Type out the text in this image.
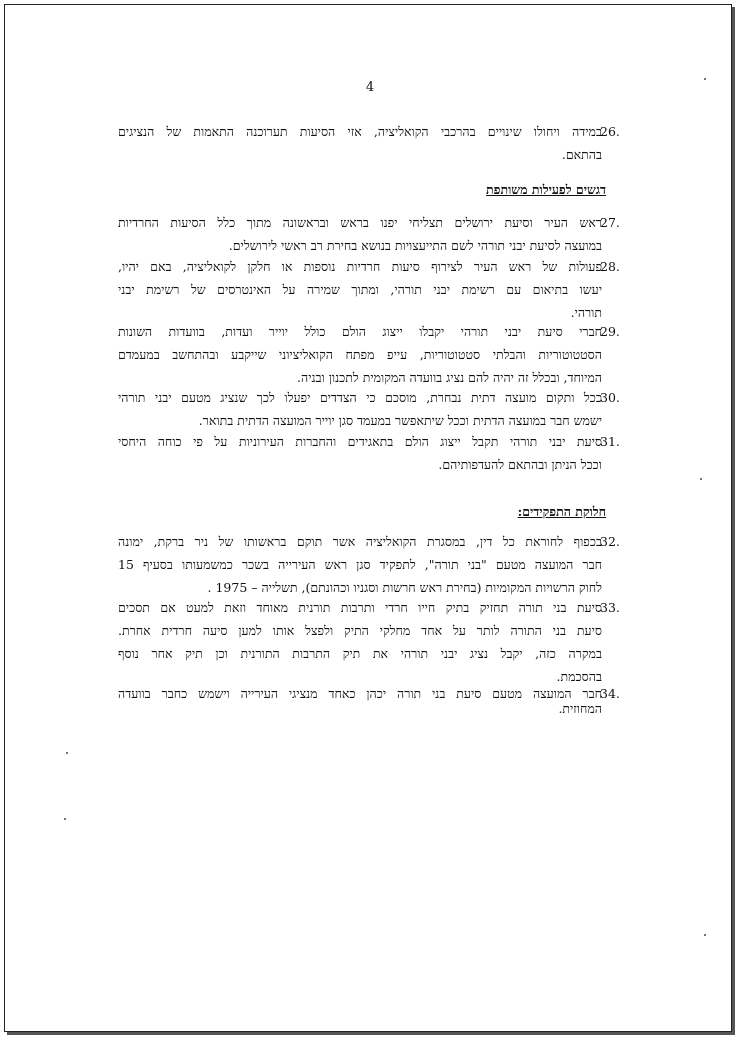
4
26.
במידה ויחולו שינויים בהרכבי הקואליציה, אזי הסיעות תערוכנה התאמות של הנציגים
בהתאם.
דגשים לפעילות משותפת
27.
ראש העיר וסיעת ירושלים תצליחי יפנו בראש ובראשונה מתוך כלל הסיעות החרדיות
במועצה לסיעת יבני תורהי לשם התייעצויות בנושא בחירת רב ראשי לירושלים.
28.
פעולות של ראש העיר לצירוף סיעות חרדיות נוספות או חלקן לקואליציה, באם יהיו,
יעשו בתיאום עם רשימת יבני תורהי, ומתוך שמירה על האינטרסים של רשימת יבני
תורהי.
29.
חברי סיעת יבני תורהי יקבלו ייצוג הולם כולל יוייר ועדות, בוועדות השונות
הסטטוטוריות והבלתי סטטוטוריות, עייפ מפתח הקואליציוני שייקבע ובהתחשב במעמדם
המיוחד, ובכלל זה יהיה להם נציג בוועדה המקומית לתכנון ובניה.
30.
ככל ותקום מועצה דתית נבחרת, מוסכם כי הצדדים יפעלו לכך שנציג מטעם יבני תורהי
ישמש חבר במועצה הדתית וככל שיתאפשר במעמד סגן יוייר המועצה הדתית בתואר.
31.
סיעת יבני תורהי תקבל ייצוג הולם בתאגידים והחברות העירוניות על פי כוחה היחסי
וככל הניתן ובהתאם להעדפותיהם.
חלוקת התפקידים:
32.
בכפוף לחוראת כל דין, במסגרת הקואליציה אשר תוקם בראשותו של ניר ברקת, ימונה
חבר המועצה מטעם "בני תורה", לתפקיד סגן ראש העירייה בשכר כמשמעותו בסעיף 15
לחוק הרשויות המקומיות (בחירת ראש חרשות וסגניו וכהונתם), תשלייה – 1975 .
33.
סיעת בני תורה תחזיק בתיק חייו חרדי ותרבות תורנית מאוחד וזאת למעט אם תסכים
סיעת בני התורה לותר על אחד מחלקי התיק ולפצל אותו למען סיעה חרדית אחרת.
במקרה כזה, יקבל נציג יבני תורהי את תיק התרבות התורנית וכן תיק אחר נוסף
בהסכמת.
34.
חבר המועצה מטעם סיעת בני תורה יכהן כאחד מנציגי העירייה וישמש כחבר בוועדה
המחוזית.
